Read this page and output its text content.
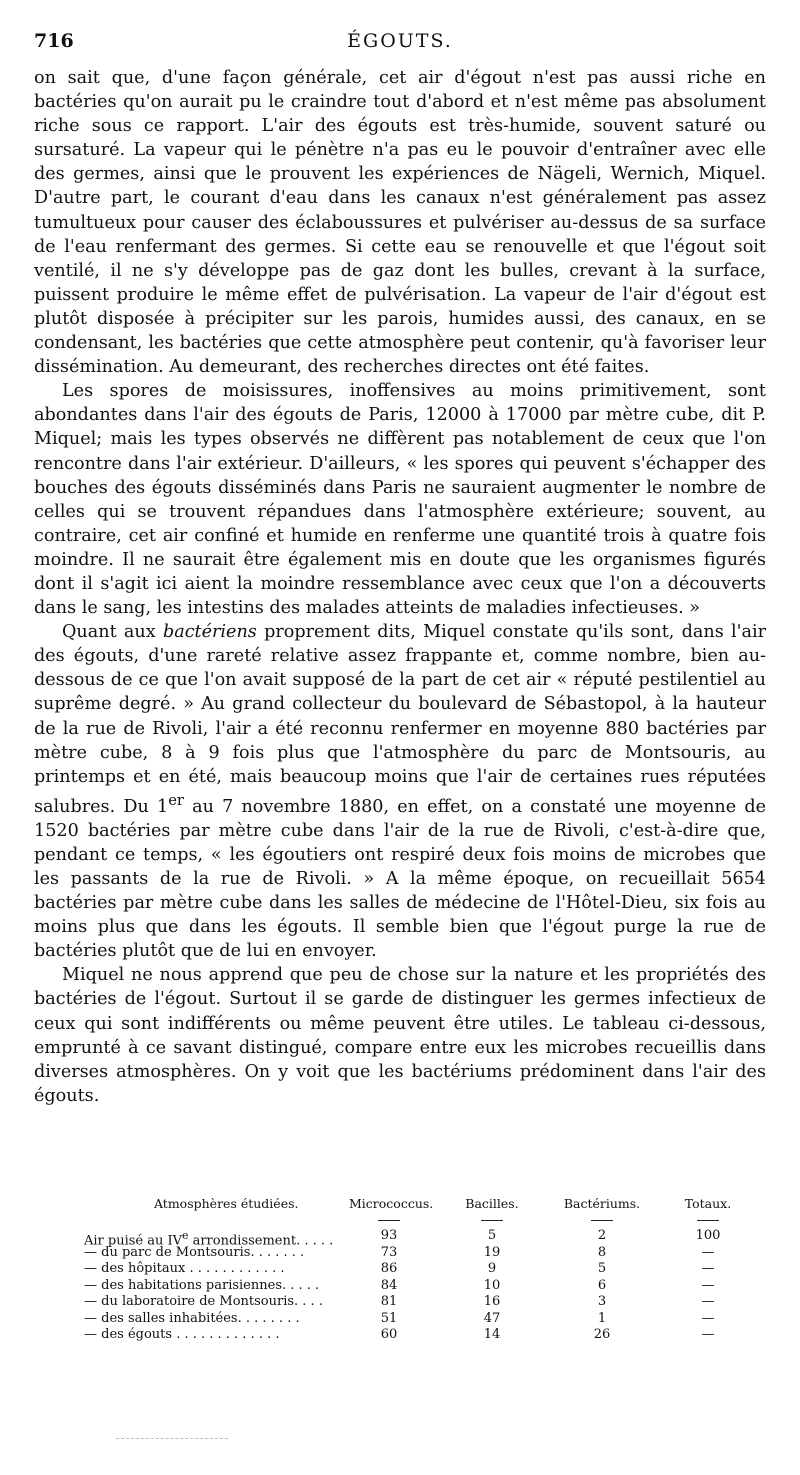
716	ÉGOUTS.

on sait que, d'une façon générale, cet air d'égout n'est pas aussi riche en bactéries qu'on aurait pu le craindre tout d'abord et n'est même pas absolument riche sous ce rapport. L'air des égouts est très-humide, souvent saturé ou sursaturé. La vapeur qui le pénètre n'a pas eu le pouvoir d'entraîner avec elle des germes, ainsi que le prouvent les expériences de Nägeli, Wernich, Miquel. D'autre part, le courant d'eau dans les canaux n'est généralement pas assez tumultueux pour causer des éclaboussures et pulvériser au-dessus de sa surface de l'eau renfermant des germes. Si cette eau se renouvelle et que l'égout soit ventilé, il ne s'y développe pas de gaz dont les bulles, crevant à la surface, puissent produire le même effet de pulvérisation. La vapeur de l'air d'égout est plutôt disposée à précipiter sur les parois, humides aussi, des canaux, en se condensant, les bactéries que cette atmosphère peut contenir, qu'à favoriser leur dissémination. Au demeurant, des recherches directes ont été faites.

Les spores de moisissures, inoffensives au moins primitivement, sont abondantes dans l'air des égouts de Paris, 12000 à 17000 par mètre cube, dit P. Miquel; mais les types observés ne diffèrent pas notablement de ceux que l'on rencontre dans l'air extérieur. D'ailleurs, « les spores qui peuvent s'échapper des bouches des égouts disséminés dans Paris ne sauraient augmenter le nombre de celles qui se trouvent répandues dans l'atmosphère extérieure; souvent, au contraire, cet air confiné et humide en renferme une quantité trois à quatre fois moindre. Il ne saurait être également mis en doute que les organismes figurés dont il s'agit ici aient la moindre ressemblance avec ceux que l'on a découverts dans le sang, les intestins des malades atteints de maladies infectieuses. »

Quant aux bactériens proprement dits, Miquel constate qu'ils sont, dans l'air des égouts, d'une rareté relative assez frappante et, comme nombre, bien au-dessous de ce que l'on avait supposé de la part de cet air « réputé pestilentiel au suprême degré. » Au grand collecteur du boulevard de Sébastopol, à la hauteur de la rue de Rivoli, l'air a été reconnu renfermer en moyenne 880 bactéries par mètre cube, 8 à 9 fois plus que l'atmosphère du parc de Montsouris, au printemps et en été, mais beaucoup moins que l'air de certaines rues réputées salubres. Du 1er au 7 novembre 1880, en effet, on a constaté une moyenne de 1520 bactéries par mètre cube dans l'air de la rue de Rivoli, c'est-à-dire que, pendant ce temps, « les égoutiers ont respiré deux fois moins de microbes que les passants de la rue de Rivoli. » A la même époque, on recueillait 5654 bactéries par mètre cube dans les salles de médecine de l'Hôtel-Dieu, six fois au moins plus que dans les égouts. Il semble bien que l'égout purge la rue de bactéries plutôt que de lui en envoyer.

Miquel ne nous apprend que peu de chose sur la nature et les propriétés des bactéries de l'égout. Surtout il se garde de distinguer les germes infectieux de ceux qui sont indifférents ou même peuvent être utiles. Le tableau ci-dessous, emprunté à ce savant distingué, compare entre eux les microbes recueillis dans diverses atmosphères. On y voit que les bactériums prédominent dans l'air des égouts.

Atmosphères étudiées.	Micrococcus.	Bacilles.	Bactériums.	Totaux.
Air puisé au IVe arrondissement. . . . .	93	5	2	100
— du parc de Montsouris. . . . . . .	73	19	8	—
— des hôpitaux . . . . . . . . . . . .	86	9	5	—
— des habitations parisiennes. . . . .	84	10	6	—
— du laboratoire de Montsouris. . . .	81	16	3	—
— des salles inhabitées. . . . . . . .	51	47	1	—
— des égouts . . . . . . . . . . . . .	60	14	26	—
